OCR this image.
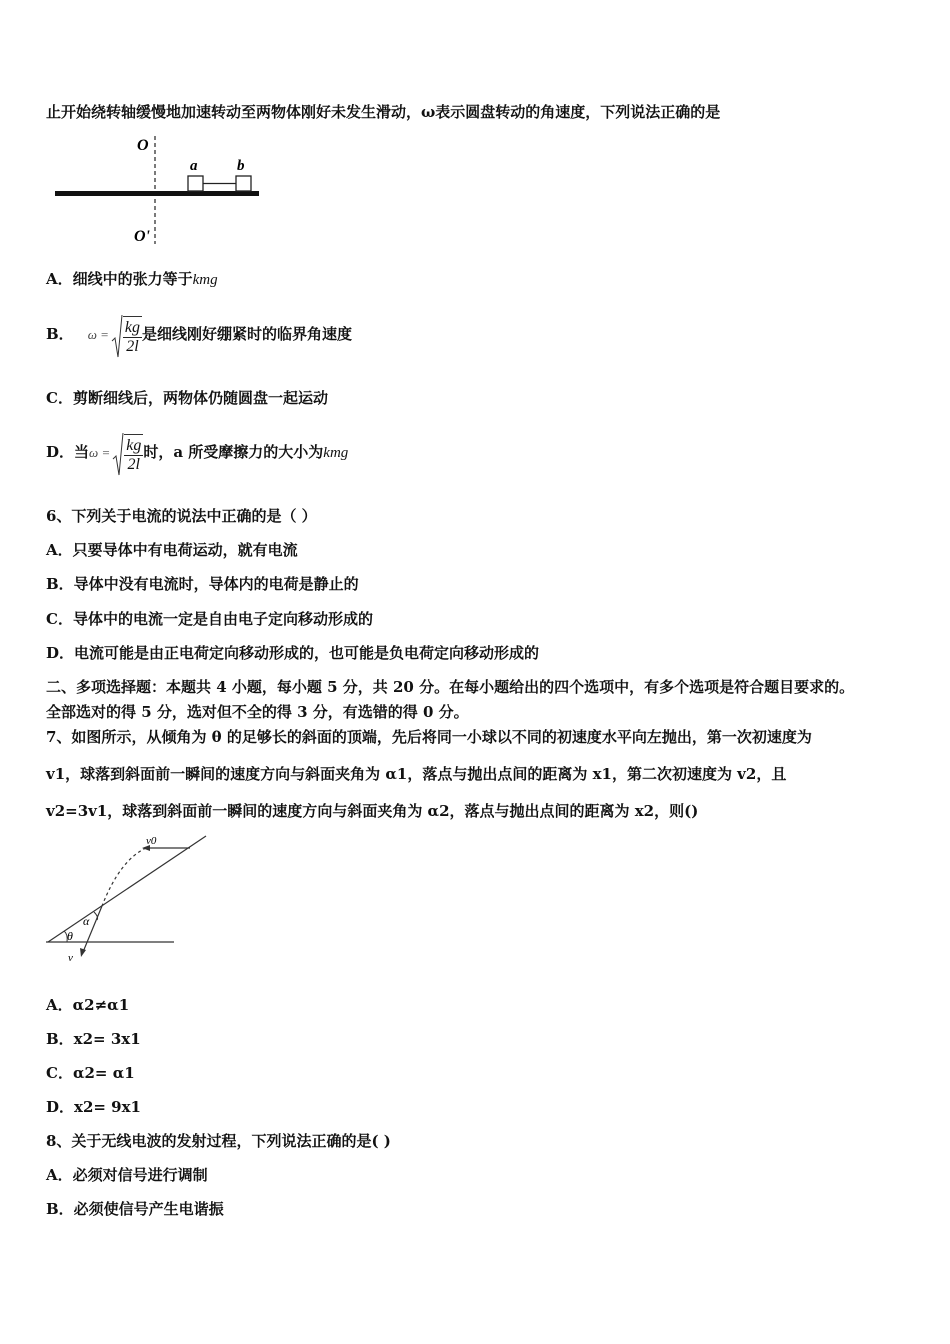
止开始绕转轴缓慢地加速转动至两物体刚好未发生滑动，ω表示圆盘转动的角速度，下列说法正确的是
O
O'
a	b
A．细线中的张力等于kmg
B． $\omega = \frac{kg}{2l}$ 是细线刚好绷紧时的临界角速度
C．剪断细线后，两物体仍随圆盘一起运动
D．当$\omega = \frac{kg}{2l}$ 时，a 所受摩擦力的大小为kmg
6、下列关于电流的说法中正确的是（ ）
A．只要导体中有电荷运动，就有电流
B．导体中没有电流时，导体内的电荷是静止的
C．导体中的电流一定是自由电子定向移动形成的
D．电流可能是由正电荷定向移动形成的，也可能是负电荷定向移动形成的
二、多项选择题：本题共 4 小题，每小题 5 分，共 20 分。在每小题给出的四个选项中，有多个选项是符合题目要求的。
全部选对的得 5 分，选对但不全的得 3 分，有选错的得 0 分。
7、如图所示，从倾角为 θ 的足够长的斜面的顶端，先后将同一小球以不同的初速度水平向左抛出，第一次初速度为
v1，球落到斜面前一瞬间的速度方向与斜面夹角为 α1，落点与抛出点间的距离为 x1，第二次初速度为 v2，且
v2=3v1，球落到斜面前一瞬间的速度方向与斜面夹角为 α2，落点与抛出点间的距离为 x2，则()
v0
α
θ
v
A．α2≠α1
B．x2= 3x1
C．α2= α1
D．x2= 9x1
8、关于无线电波的发射过程，下列说法正确的是( )
A．必须对信号进行调制
B．必须使信号产生电谐振
